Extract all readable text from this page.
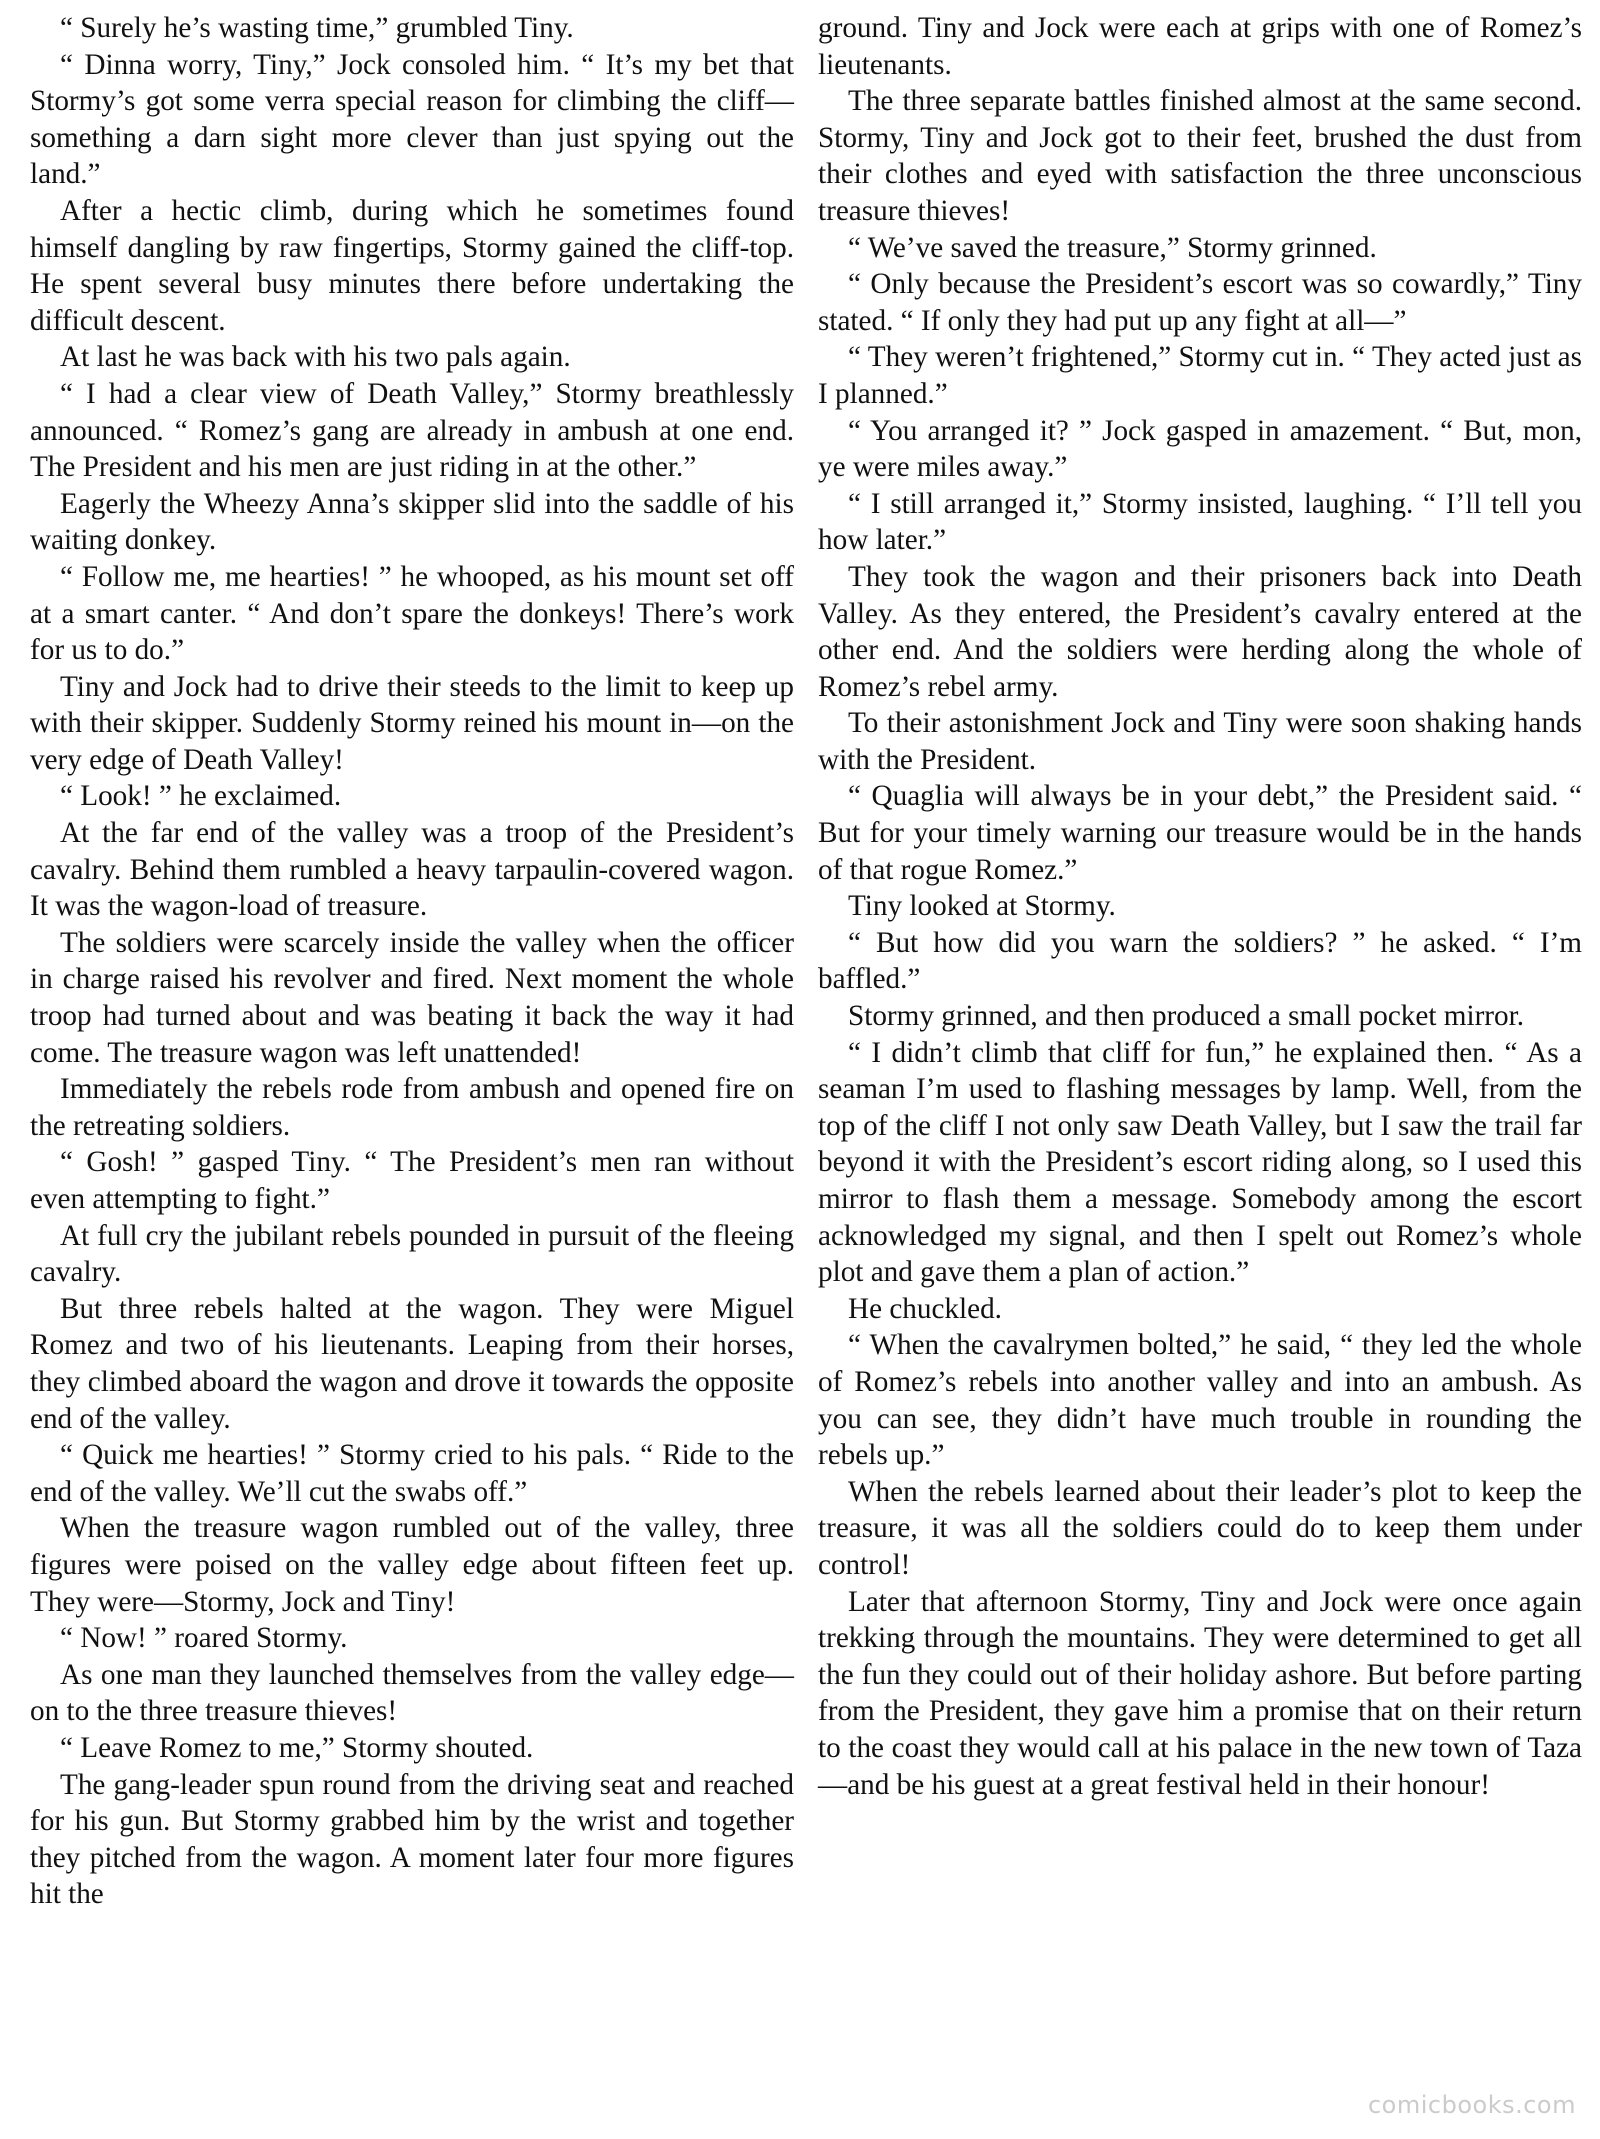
“ Surely he’s wasting time,” grumbled Tiny.

“ Dinna worry, Tiny,” Jock consoled him. “ It’s my bet that Stormy’s got some verra special reason for climbing the cliff—something a darn sight more clever than just spying out the land.”

After a hectic climb, during which he sometimes found himself dangling by raw fingertips, Stormy gained the cliff-top. He spent several busy minutes there before undertaking the difficult descent.

At last he was back with his two pals again.

“ I had a clear view of Death Valley,” Stormy breathlessly announced. “ Romez’s gang are already in ambush at one end. The President and his men are just riding in at the other.”

Eagerly the Wheezy Anna’s skipper slid into the saddle of his waiting donkey.

“ Follow me, me hearties! ” he whooped, as his mount set off at a smart canter. “ And don’t spare the donkeys! There’s work for us to do.”

Tiny and Jock had to drive their steeds to the limit to keep up with their skipper. Suddenly Stormy reined his mount in—on the very edge of Death Valley!

“ Look! ” he exclaimed.

At the far end of the valley was a troop of the President’s cavalry. Behind them rumbled a heavy tarpaulin-covered wagon. It was the wagon-load of treasure.

The soldiers were scarcely inside the valley when the officer in charge raised his revolver and fired. Next moment the whole troop had turned about and was beating it back the way it had come. The treasure wagon was left unattended!

Immediately the rebels rode from ambush and opened fire on the retreating soldiers.

“ Gosh! ” gasped Tiny. “ The President’s men ran without even attempting to fight.”

At full cry the jubilant rebels pounded in pursuit of the fleeing cavalry.

But three rebels halted at the wagon. They were Miguel Romez and two of his lieutenants. Leaping from their horses, they climbed aboard the wagon and drove it towards the opposite end of the valley.

“ Quick me hearties! ” Stormy cried to his pals. “ Ride to the end of the valley. We’ll cut the swabs off.”

When the treasure wagon rumbled out of the valley, three figures were poised on the valley edge about fifteen feet up. They were—Stormy, Jock and Tiny!

“ Now! ” roared Stormy.

As one man they launched themselves from the valley edge—on to the three treasure thieves!

“ Leave Romez to me,” Stormy shouted.

The gang-leader spun round from the driving seat and reached for his gun. But Stormy grabbed him by the wrist and together they pitched from the wagon. A moment later four more figures hit the

ground. Tiny and Jock were each at grips with one of Romez’s lieutenants.

The three separate battles finished almost at the same second. Stormy, Tiny and Jock got to their feet, brushed the dust from their clothes and eyed with satisfaction the three unconscious treasure thieves!

“ We’ve saved the treasure,” Stormy grinned.

“ Only because the President’s escort was so cowardly,” Tiny stated. “ If only they had put up any fight at all—”

“ They weren’t frightened,” Stormy cut in. “ They acted just as I planned.”

“ You arranged it? ” Jock gasped in amazement. “ But, mon, ye were miles away.”

“ I still arranged it,” Stormy insisted, laughing. “ I’ll tell you how later.”

They took the wagon and their prisoners back into Death Valley. As they entered, the President’s cavalry entered at the other end. And the soldiers were herding along the whole of Romez’s rebel army.

To their astonishment Jock and Tiny were soon shaking hands with the President.

“ Quaglia will always be in your debt,” the President said. “ But for your timely warning our treasure would be in the hands of that rogue Romez.”

Tiny looked at Stormy.

“ But how did you warn the soldiers? ” he asked. “ I’m baffled.”

Stormy grinned, and then produced a small pocket mirror.

“ I didn’t climb that cliff for fun,” he explained then. “ As a seaman I’m used to flashing messages by lamp. Well, from the top of the cliff I not only saw Death Valley, but I saw the trail far beyond it with the President’s escort riding along, so I used this mirror to flash them a message. Somebody among the escort acknowledged my signal, and then I spelt out Romez’s whole plot and gave them a plan of action.”

He chuckled.

“ When the cavalrymen bolted,” he said, “ they led the whole of Romez’s rebels into another valley and into an ambush. As you can see, they didn’t have much trouble in rounding the rebels up.”

When the rebels learned about their leader’s plot to keep the treasure, it was all the soldiers could do to keep them under control!

Later that afternoon Stormy, Tiny and Jock were once again trekking through the mountains. They were determined to get all the fun they could out of their holiday ashore. But before parting from the President, they gave him a promise that on their return to the coast they would call at his palace in the new town of Taza—and be his guest at a great festival held in their honour!

comicbooks.com
